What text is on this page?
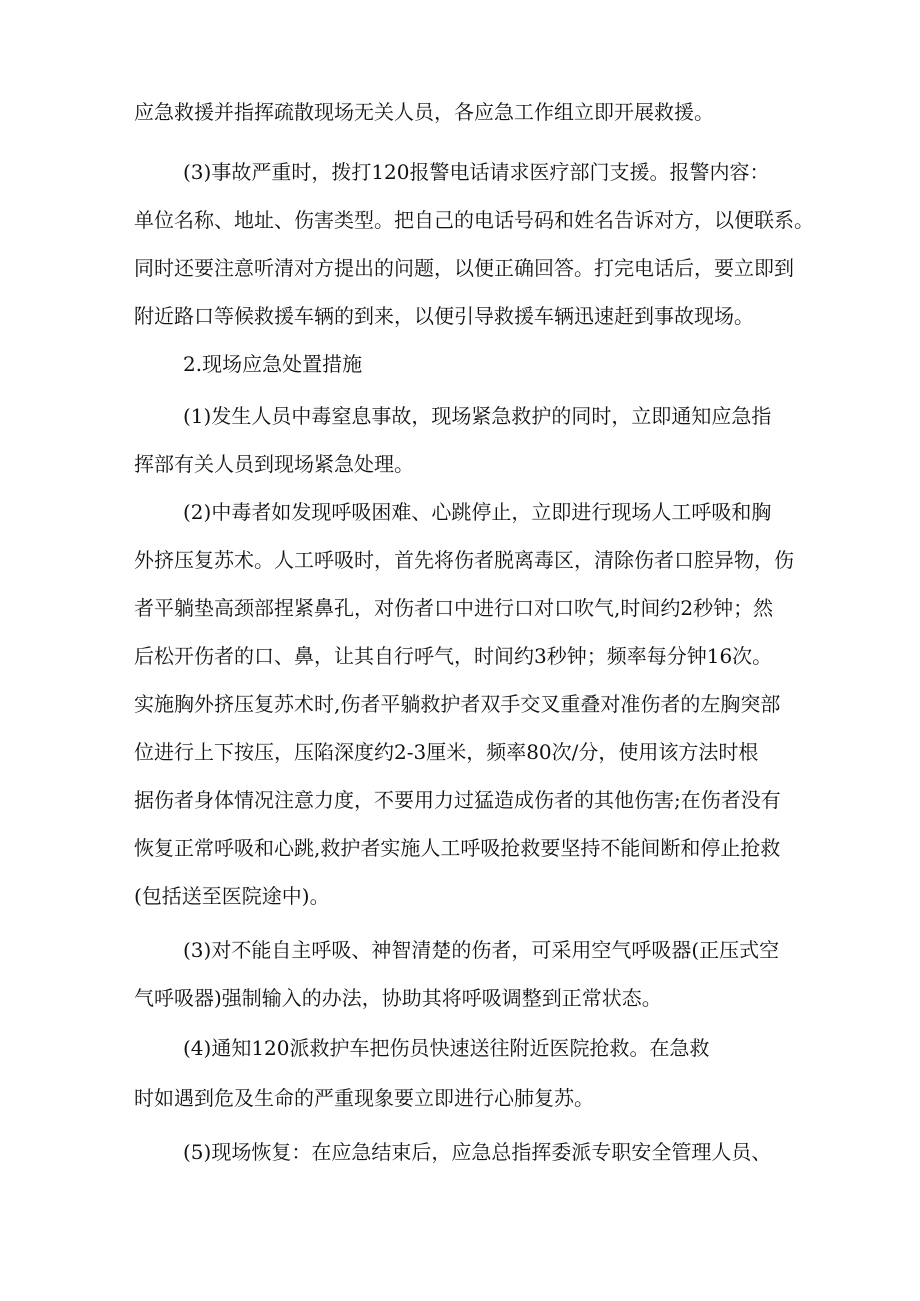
应急救援并指挥疏散现场无关人员，各应急工作组立即开展救援。
(3)事故严重时，拨打120报警电话请求医疗部门支援。报警内容：
单位名称、地址、伤害类型。把自己的电话号码和姓名告诉对方，以便联系。
同时还要注意听清对方提出的问题，以便正确回答。打完电话后，要立即到
附近路口等候救援车辆的到来，以便引导救援车辆迅速赶到事故现场。
2.现场应急处置措施
(1)发生人员中毒窒息事故，现场紧急救护的同时，立即通知应急指
挥部有关人员到现场紧急处理。
(2)中毒者如发现呼吸困难、心跳停止，立即进行现场人工呼吸和胸
外挤压复苏术。人工呼吸时，首先将伤者脱离毒区，清除伤者口腔异物，伤
者平躺垫高颈部捏紧鼻孔，对伤者口中进行口对口吹气,时间约2秒钟；然
后松开伤者的口、鼻，让其自行呼气，时间约3秒钟；频率每分钟16次。
实施胸外挤压复苏术时,伤者平躺救护者双手交叉重叠对准伤者的左胸突部
位进行上下按压，压陷深度约2-3厘米，频率80次/分，使用该方法时根
据伤者身体情况注意力度，不要用力过猛造成伤者的其他伤害;在伤者没有
恢复正常呼吸和心跳,救护者实施人工呼吸抢救要坚持不能间断和停止抢救
(包括送至医院途中)。
(3)对不能自主呼吸、神智清楚的伤者，可采用空气呼吸器(正压式空
气呼吸器)强制输入的办法，协助其将呼吸调整到正常状态。
(4)通知120派救护车把伤员快速送往附近医院抢救。在急救
时如遇到危及生命的严重现象要立即进行心肺复苏。
(5)现场恢复：在应急结束后，应急总指挥委派专职安全管理人员、
